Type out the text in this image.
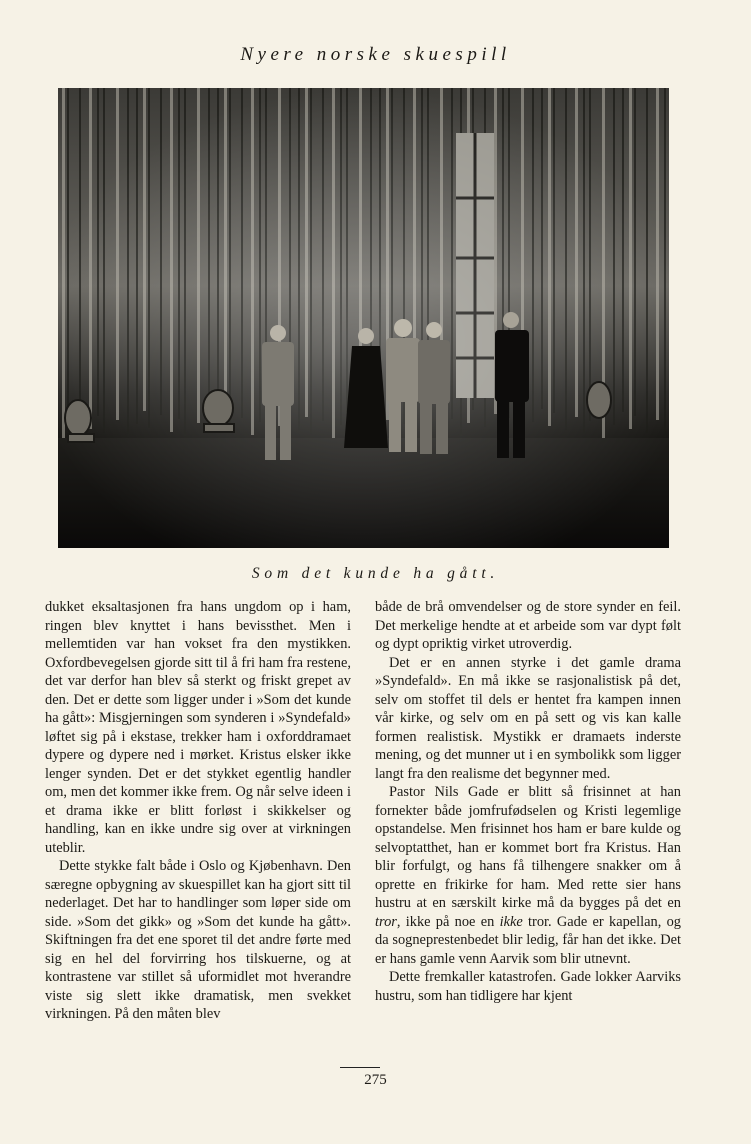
Nyere norske skuespill
Som det kunde ha gått.

dukket eksaltasjonen fra hans ungdom op i ham, ringen blev knyttet i hans bevissthet. Men i mellemtiden var han vokset fra den mystikken. Oxfordbevegelsen gjorde sitt til å fri ham fra restene, det var derfor han blev så sterkt og friskt grepet av den. Det er dette som ligger under i »Som det kunde ha gått»: Misgjerningen som synderen i »Syndefald» løftet sig på i ekstase, trekker ham i oxforddramaet dypere og dypere ned i mørket. Kristus elsker ikke lenger synden. Det er det stykket egentlig handler om, men det kommer ikke frem. Og når selve ideen i et drama ikke er blitt forløst i skikkelser og handling, kan en ikke undre sig over at virkningen uteblir.

Dette stykke falt både i Oslo og Kjøbenhavn. Den særegne opbygning av skuespillet kan ha gjort sitt til nederlaget. Det har to handlinger som løper side om side. »Som det gikk» og »Som det kunde ha gått». Skiftningen fra det ene sporet til det andre førte med sig en hel del forvirring hos tilskuerne, og at kontrastene var stillet så uformidlet mot hverandre viste sig slett ikke dramatisk, men svekket virkningen. På den måten blev

både de brå omvendelser og de store synder en feil. Det merkelige hendte at et arbeide som var dypt følt og dypt opriktig virket utroverdig.

Det er en annen styrke i det gamle drama »Syndefald». En må ikke se rasjonalistisk på det, selv om stoffet til dels er hentet fra kampen innen vår kirke, og selv om en på sett og vis kan kalle formen realistisk. Mystikk er dramaets inderste mening, og det munner ut i en symbolikk som ligger langt fra den realisme det begynner med.

Pastor Nils Gade er blitt så frisinnet at han fornekter både jomfrufødselen og Kristi legemlige opstandelse. Men frisinnet hos ham er bare kulde og selvoptatthet, han er kommet bort fra Kristus. Han blir forfulgt, og hans få tilhengere snakker om å oprette en frikirke for ham. Med rette sier hans hustru at en særskilt kirke må da bygges på det en tror, ikke på noe en ikke tror. Gade er kapellan, og da sogneprestenbedet blir ledig, får han det ikke. Det er hans gamle venn Aarvik som blir utnevnt.

Dette fremkaller katastrofen. Gade lokker Aarviks hustru, som han tidligere har kjent

275
